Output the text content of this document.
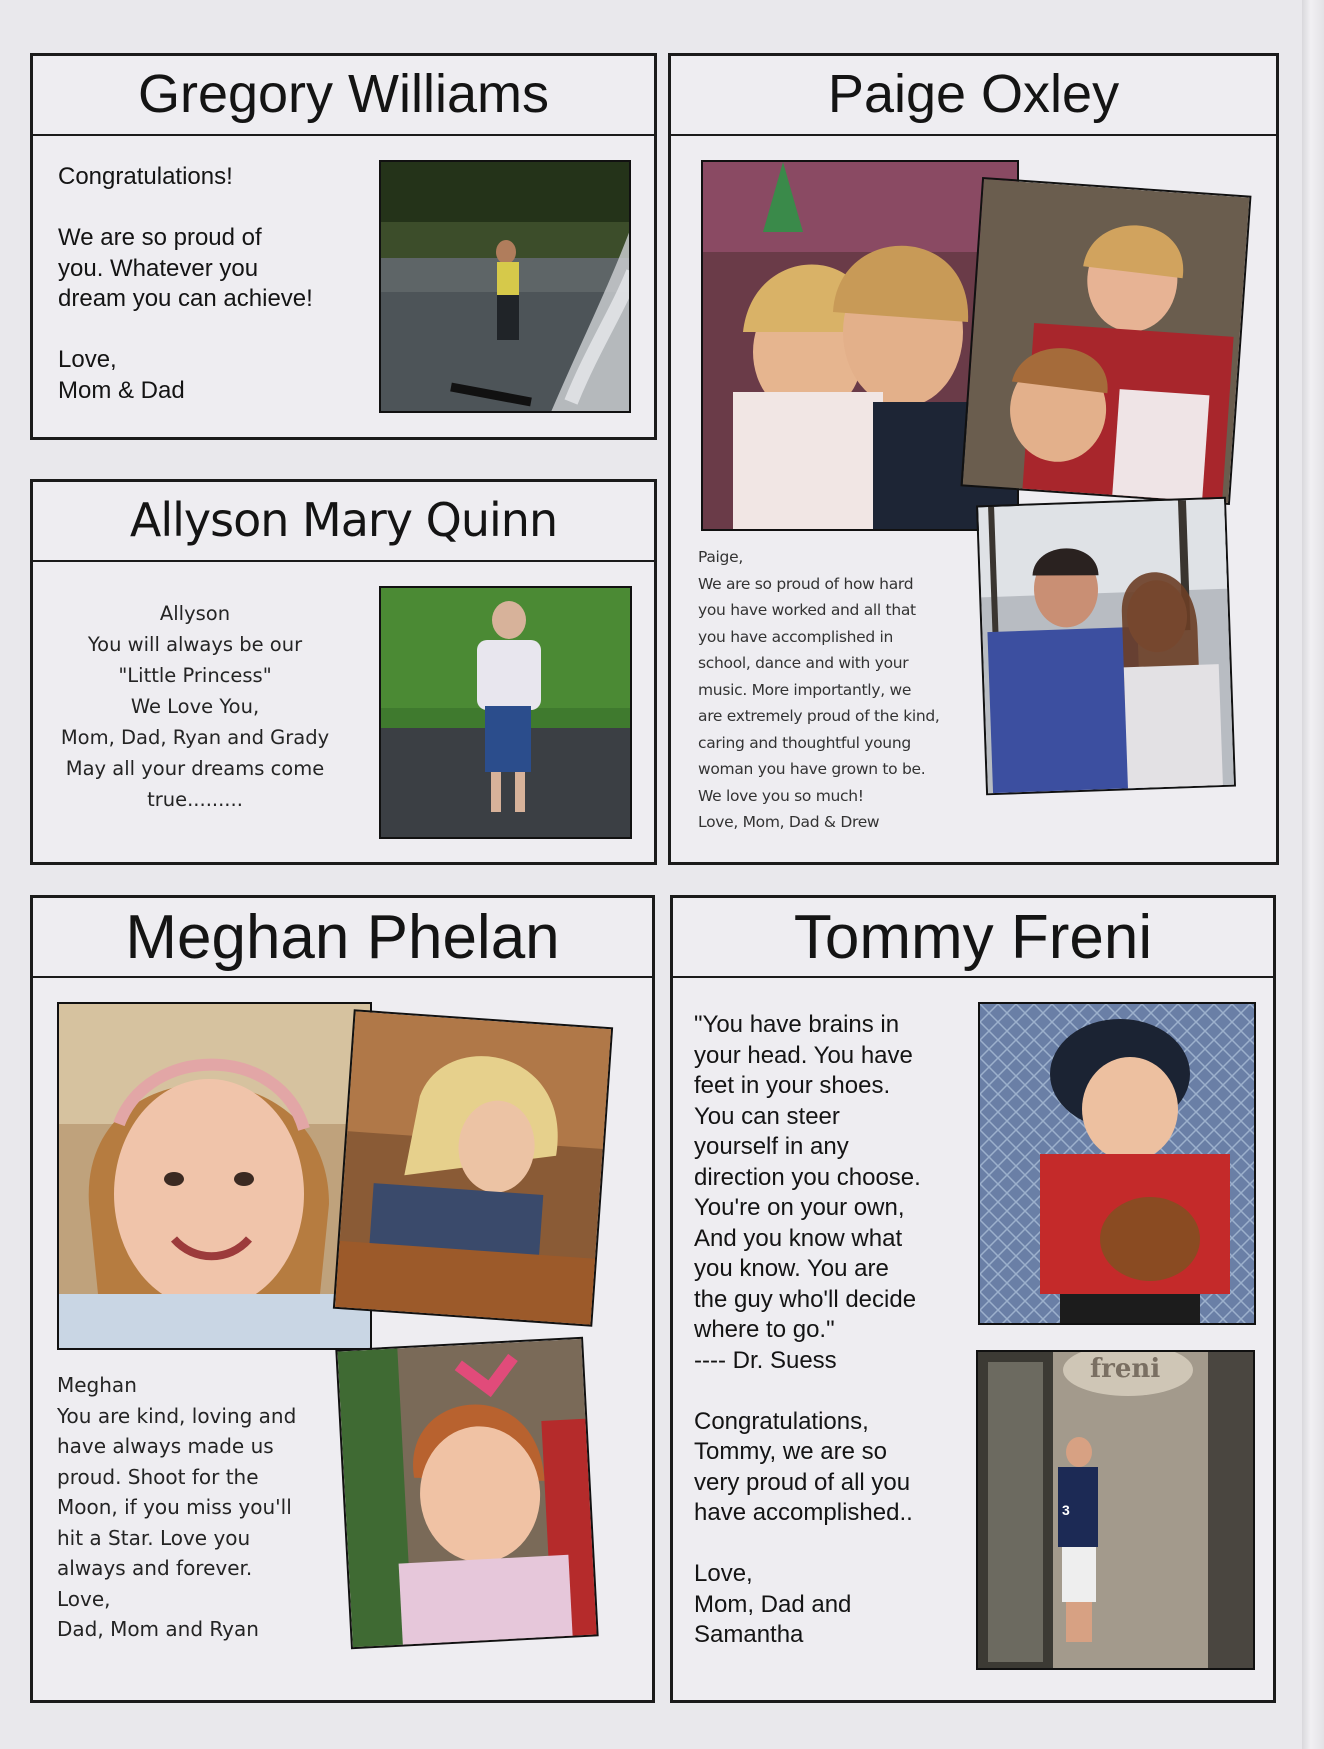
Gregory Williams
Congratulations!

We are so proud of
you. Whatever you
dream you can achieve!

Love,
Mom & Dad
Allyson Mary Quinn
Allyson
You will always be our
"Little Princess"
We Love You,
Mom, Dad, Ryan and Grady
May all your dreams come
true.........
Paige Oxley
Paige,
We are so proud of how hard
you have worked and all that
you have accomplished in
school, dance and with your
music. More importantly, we
are extremely proud of the kind,
caring and thoughtful young
woman you have grown to be.
We love you so much!
Love, Mom, Dad & Drew
Meghan Phelan
Meghan
You are kind, loving and
have always made us
proud. Shoot for the
Moon, if you miss you'll
hit a Star. Love you
always and forever.
Love,
Dad, Mom and Ryan
Tommy Freni
"You have brains in
your head. You have
feet in your shoes.
You can steer
yourself in any
direction you choose.
You're on your own,
And you know what
you know. You are
the guy who'll decide
where to go."
---- Dr. Suess

Congratulations,
Tommy, we are so
very proud of all you
have accomplished..

Love,
Mom, Dad and
Samantha
freni
3
